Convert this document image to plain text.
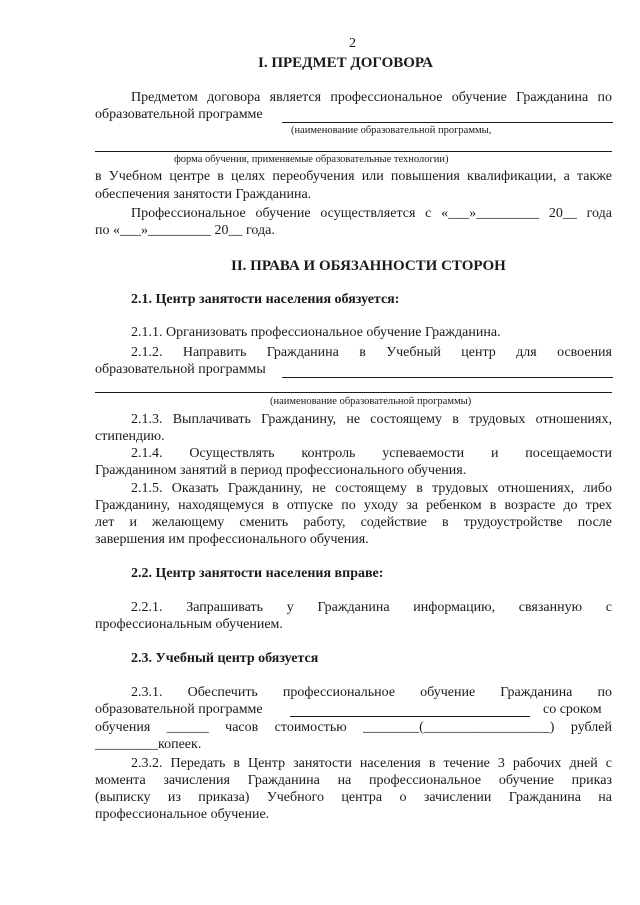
2
I. ПРЕДМЕТ ДОГОВОРА
Предметом договора является профессиональное обучение Гражданина по
образовательной программе
(наименование образовательной программы,
форма обучения, применяемые образовательные технологии)
в Учебном центре в целях переобучения или повышения квалификации, а также
обеспечения занятости Гражданина.
Профессиональное обучение осуществляется с «___»_________ 20__ года
по «___»_________ 20__ года.
II. ПРАВА И ОБЯЗАННОСТИ СТОРОН
2.1. Центр занятости населения обязуется:
2.1.1. Организовать профессиональное обучение Гражданина.
2.1.2. Направить Гражданина в Учебный центр для освоения
образовательной программы
(наименование образовательной программы)
2.1.3. Выплачивать Гражданину, не состоящему в трудовых отношениях,
стипендию.
2.1.4. Осуществлять контроль успеваемости и посещаемости
Гражданином занятий в период профессионального обучения.
2.1.5. Оказать Гражданину, не состоящему в трудовых отношениях, либо
Гражданину, находящемуся в отпуске по уходу за ребенком в возрасте до трех
лет и желающему сменить работу, содействие в трудоустройстве после
завершения им профессионального обучения.
2.2. Центр занятости населения вправе:
2.2.1. Запрашивать у Гражданина информацию, связанную с
профессиональным обучением.
2.3. Учебный центр обязуется
2.3.1. Обеспечить профессиональное обучение Гражданина по
образовательной программе	со сроком
обучения ______ часов стоимостью ________(__________________) рублей
_________копеек.
2.3.2. Передать в Центр занятости населения в течение 3 рабочих дней с
момента зачисления Гражданина на профессиональное обучение приказ
(выписку из приказа) Учебного центра о зачислении Гражданина на
профессиональное обучение.
